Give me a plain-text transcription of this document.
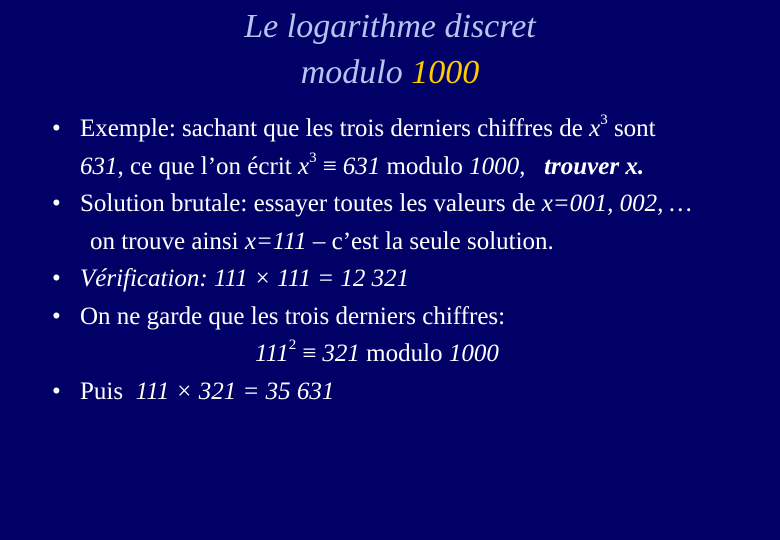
Le logarithme discret
modulo 1000
• Exemple: sachant que les trois derniers chiffres de $x^3$ sont
631, ce que l’on écrit $x^3 \equiv 631$ modulo 1000, trouver x.
• Solution brutale: essayer toutes les valeurs de x=001, 002, …
on trouve ainsi x=111 – c’est la seule solution.
• Vérification: 111 × 111 = 12 321
• On ne garde que les trois derniers chiffres:
$111^2 \equiv 321$ modulo 1000
• Puis  111 × 321 = 35 631
